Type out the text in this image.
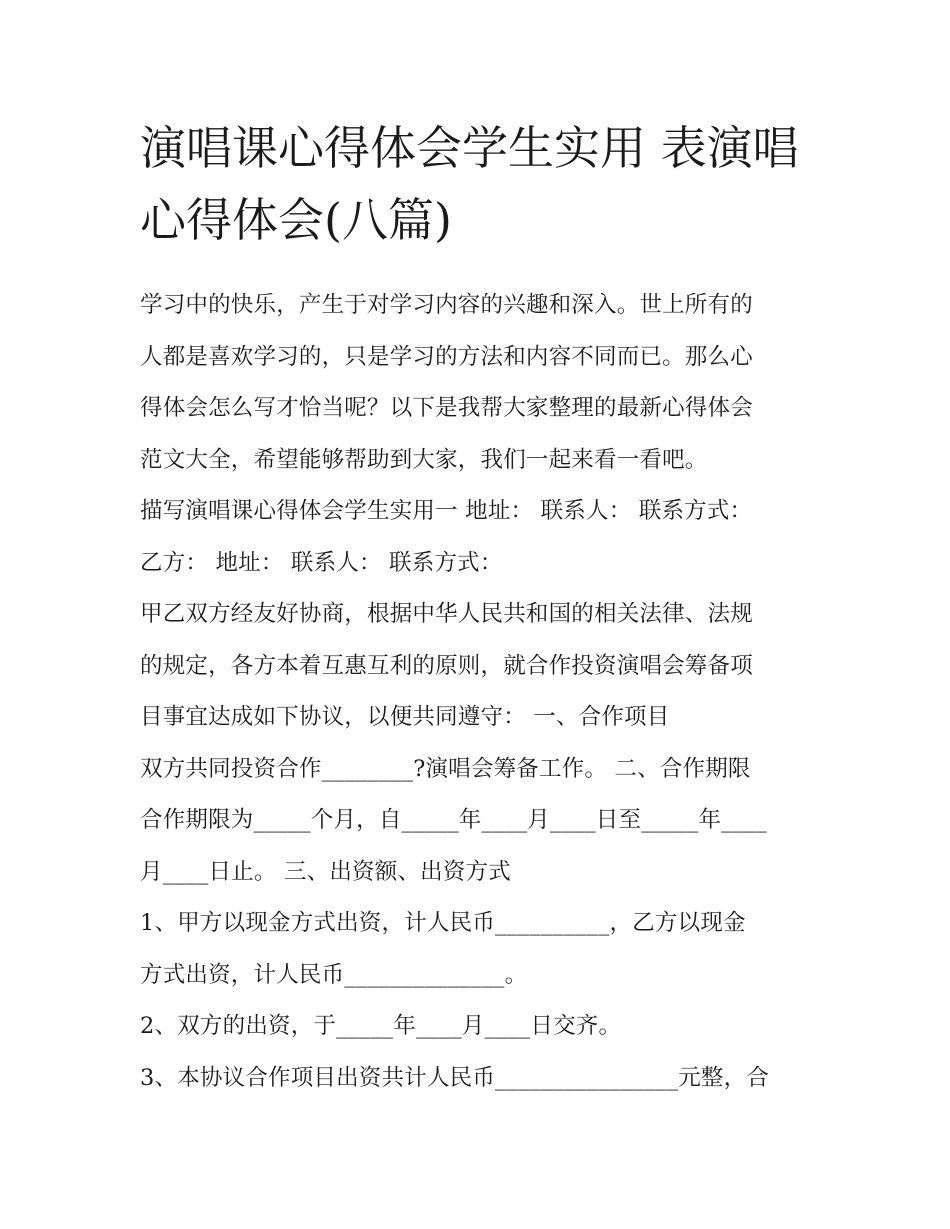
演唱课心得体会学生实用 表演唱心得体会(八篇)
学习中的快乐，产生于对学习内容的兴趣和深入。世上所有的
人都是喜欢学习的，只是学习的方法和内容不同而已。那么心
得体会怎么写才恰当呢？以下是我帮大家整理的最新心得体会
范文大全，希望能够帮助到大家，我们一起来看一看吧。
描写演唱课心得体会学生实用一 地址： 联系人： 联系方式：
乙方： 地址： 联系人： 联系方式：
甲乙双方经友好协商，根据中华人民共和国的相关法律、法规
的规定，各方本着互惠互利的原则，就合作投资演唱会筹备项
目事宜达成如下协议，以便共同遵守： 一、合作项目
双方共同投资合作________?演唱会筹备工作。 二、合作期限
合作期限为_____个月，自_____年____月____日至_____年____
月____日止。 三、出资额、出资方式
1、甲方以现金方式出资，计人民币__________，乙方以现金
方式出资，计人民币______________。
2、双方的出资，于_____年____月____日交齐。
3、本协议合作项目出资共计人民币________________元整，合
